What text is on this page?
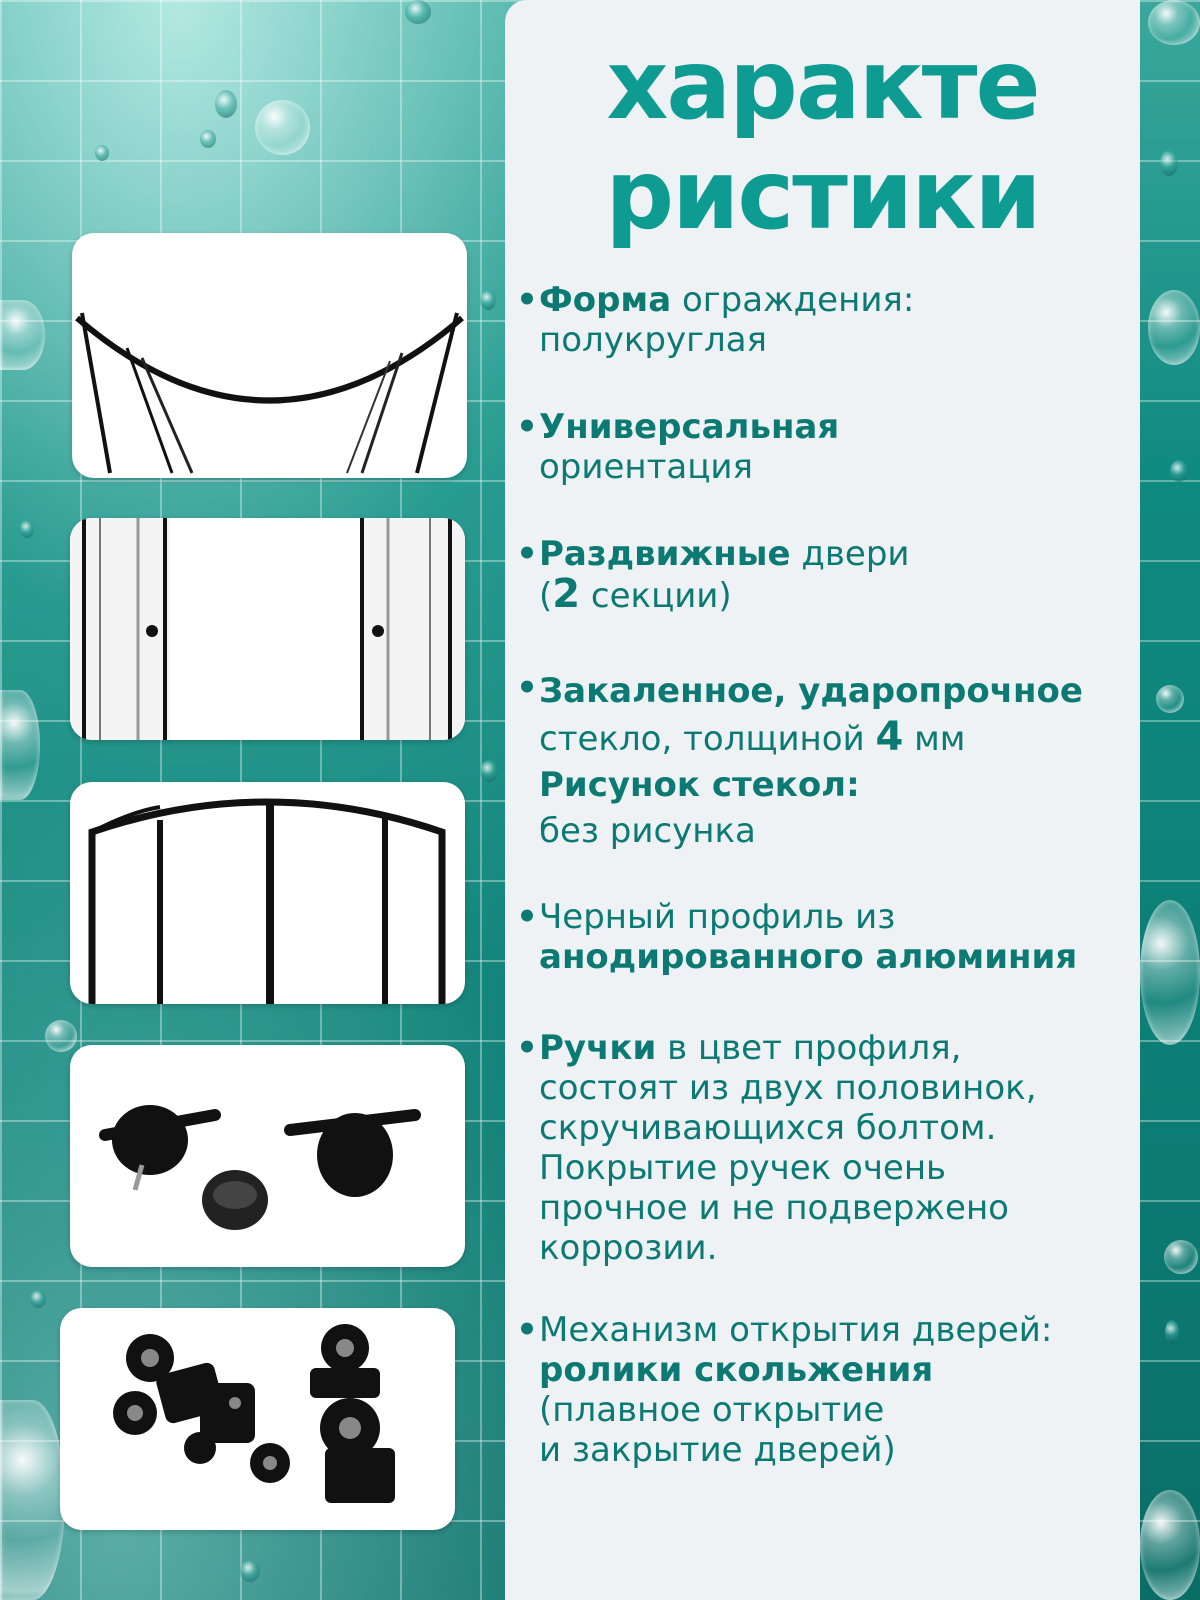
характе
ристики
• Форма ограждения:
полукруглая
• Универсальная
ориентация
• Раздвижные двери
(2 секции)
• Закаленное, ударопрочное
стекло, толщиной 4 мм
Рисунок стекол:
без рисунка
• Черный профиль из
анодированного алюминия
• Ручки в цвет профиля,
состоят из двух половинок,
скручивающихся болтом.
Покрытие ручек очень
прочное и не подвержено
коррозии.
• Механизм открытия дверей:
ролики скольжения
(плавное открытие
и закрытие дверей)
